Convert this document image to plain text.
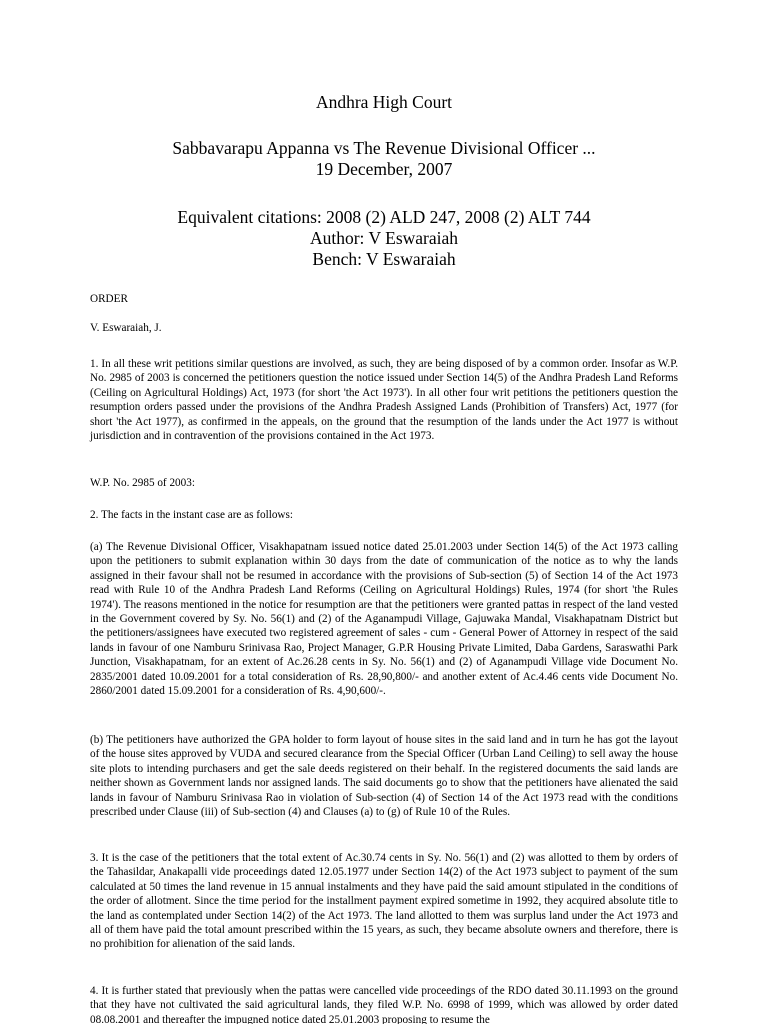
Andhra High Court
Sabbavarapu Appanna vs The Revenue Divisional Officer ...
19 December, 2007
Equivalent citations: 2008 (2) ALD 247, 2008 (2) ALT 744
Author: V Eswaraiah
Bench: V Eswaraiah
ORDER
V. Eswaraiah, J.
1. In all these writ petitions similar questions are involved, as such, they are being disposed of by a common order. Insofar as W.P. No. 2985 of 2003 is concerned the petitioners question the notice issued under Section 14(5) of the Andhra Pradesh Land Reforms (Ceiling on Agricultural Holdings) Act, 1973 (for short 'the Act 1973'). In all other four writ petitions the petitioners question the resumption orders passed under the provisions of the Andhra Pradesh Assigned Lands (Prohibition of Transfers) Act, 1977 (for short 'the Act 1977), as confirmed in the appeals, on the ground that the resumption of the lands under the Act 1977 is without jurisdiction and in contravention of the provisions contained in the Act 1973.
W.P. No. 2985 of 2003:
2. The facts in the instant case are as follows:
(a) The Revenue Divisional Officer, Visakhapatnam issued notice dated 25.01.2003 under Section 14(5) of the Act 1973 calling upon the petitioners to submit explanation within 30 days from the date of communication of the notice as to why the lands assigned in their favour shall not be resumed in accordance with the provisions of Sub-section (5) of Section 14 of the Act 1973 read with Rule 10 of the Andhra Pradesh Land Reforms (Ceiling on Agricultural Holdings) Rules, 1974 (for short 'the Rules 1974'). The reasons mentioned in the notice for resumption are that the petitioners were granted pattas in respect of the land vested in the Government covered by Sy. No. 56(1) and (2) of the Aganampudi Village, Gajuwaka Mandal, Visakhapatnam District but the petitioners/assignees have executed two registered agreement of sales - cum - General Power of Attorney in respect of the said lands in favour of one Namburu Srinivasa Rao, Project Manager, G.P.R Housing Private Limited, Daba Gardens, Saraswathi Park Junction, Visakhapatnam, for an extent of Ac.26.28 cents in Sy. No. 56(1) and (2) of Aganampudi Village vide Document No. 2835/2001 dated 10.09.2001 for a total consideration of Rs. 28,90,800/- and another extent of Ac.4.46 cents vide Document No. 2860/2001 dated 15.09.2001 for a consideration of Rs. 4,90,600/-.
(b) The petitioners have authorized the GPA holder to form layout of house sites in the said land and in turn he has got the layout of the house sites approved by VUDA and secured clearance from the Special Officer (Urban Land Ceiling) to sell away the house site plots to intending purchasers and get the sale deeds registered on their behalf. In the registered documents the said lands are neither shown as Government lands nor assigned lands. The said documents go to show that the petitioners have alienated the said lands in favour of Namburu Srinivasa Rao in violation of Sub-section (4) of Section 14 of the Act 1973 read with the conditions prescribed under Clause (iii) of Sub-section (4) and Clauses (a) to (g) of Rule 10 of the Rules.
3. It is the case of the petitioners that the total extent of Ac.30.74 cents in Sy. No. 56(1) and (2) was allotted to them by orders of the Tahasildar, Anakapalli vide proceedings dated 12.05.1977 under Section 14(2) of the Act 1973 subject to payment of the sum calculated at 50 times the land revenue in 15 annual instalments and they have paid the said amount stipulated in the conditions of the order of allotment. Since the time period for the installment payment expired sometime in 1992, they acquired absolute title to the land as contemplated under Section 14(2) of the Act 1973. The land allotted to them was surplus land under the Act 1973 and all of them have paid the total amount prescribed within the 15 years, as such, they became absolute owners and therefore, there is no prohibition for alienation of the said lands.
4. It is further stated that previously when the pattas were cancelled vide proceedings of the RDO dated 30.11.1993 on the ground that they have not cultivated the said agricultural lands, they filed W.P. No. 6998 of 1999, which was allowed by order dated 08.08.2001 and thereafter the impugned notice dated 25.01.2003 proposing to resume the
